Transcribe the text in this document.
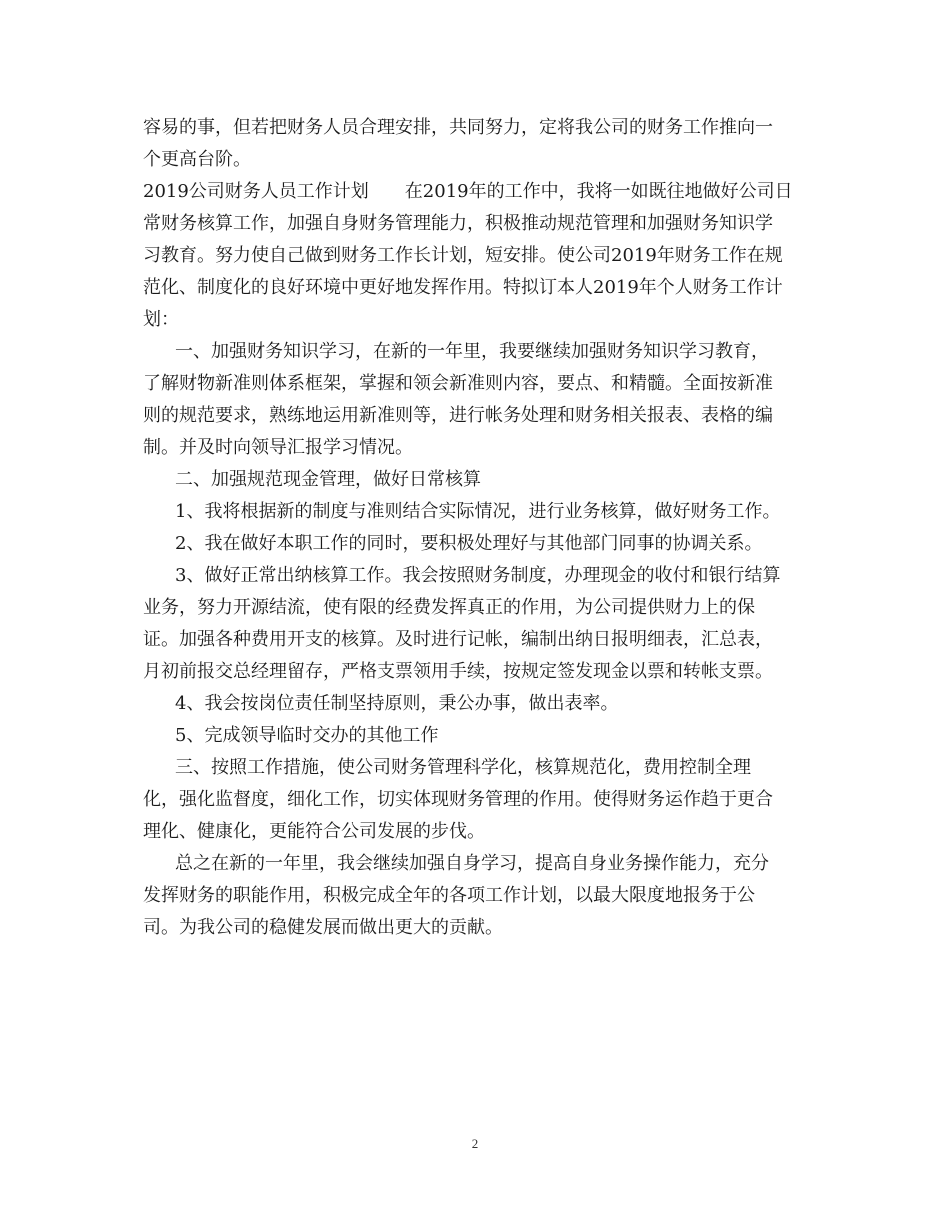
容易的事，但若把财务人员合理安排，共同努力，定将我公司的财务工作推向一

个更高台阶。

2019公司财务人员工作计划　　在2019年的工作中，我将一如既往地做好公司日

常财务核算工作，加强自身财务管理能力，积极推动规范管理和加强财务知识学

习教育。努力使自己做到财务工作长计划，短安排。使公司2019年财务工作在规

范化、制度化的良好环境中更好地发挥作用。特拟订本人2019年个人财务工作计

划：

一、加强财务知识学习，在新的一年里，我要继续加强财务知识学习教育，

了解财物新准则体系框架，掌握和领会新准则内容，要点、和精髓。全面按新准

则的规范要求，熟练地运用新准则等，进行帐务处理和财务相关报表、表格的编

制。并及时向领导汇报学习情况。

二、加强规范现金管理，做好日常核算

1、我将根据新的制度与准则结合实际情况，进行业务核算，做好财务工作。

2、我在做好本职工作的同时，要积极处理好与其他部门同事的协调关系。

3、做好正常出纳核算工作。我会按照财务制度，办理现金的收付和银行结算

业务，努力开源结流，使有限的经费发挥真正的作用，为公司提供财力上的保

证。加强各种费用开支的核算。及时进行记帐，编制出纳日报明细表，汇总表，

月初前报交总经理留存，严格支票领用手续，按规定签发现金以票和转帐支票。

4、我会按岗位责任制坚持原则，秉公办事，做出表率。

5、完成领导临时交办的其他工作

三、按照工作措施，使公司财务管理科学化，核算规范化，费用控制全理

化，强化监督度，细化工作，切实体现财务管理的作用。使得财务运作趋于更合

理化、健康化，更能符合公司发展的步伐。

总之在新的一年里，我会继续加强自身学习，提高自身业务操作能力，充分

发挥财务的职能作用，积极完成全年的各项工作计划，以最大限度地报务于公

司。为我公司的稳健发展而做出更大的贡献。

2
